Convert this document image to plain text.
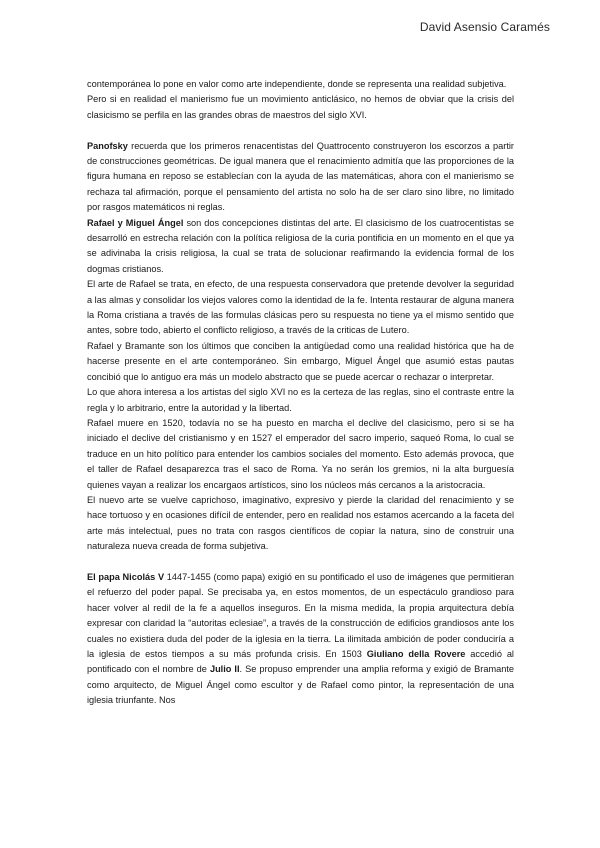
David Asensio Caramés

contemporánea lo pone en valor como arte independiente, donde se representa una realidad subjetiva.

Pero si en realidad el manierismo fue un movimiento anticlásico, no hemos de obviar que la crisis del clasicismo se perfila en las grandes obras de maestros del siglo XVI.

Panofsky recuerda que los primeros renacentistas del Quattrocento construyeron los escorzos a partir de construcciones geométricas. De igual manera que el renacimiento admitía que las proporciones de la figura humana en reposo se establecían con la ayuda de las matemáticas, ahora con el manierismo se rechaza tal afirmación, porque el pensamiento del artista no solo ha de ser claro sino libre, no limitado por rasgos matemáticos ni reglas.

Rafael y Miguel Ángel son dos concepciones distintas del arte. El clasicismo de los cuatrocentistas se desarrolló en estrecha relación con la política religiosa de la curia pontificia en un momento en el que ya se adivinaba la crisis religiosa, la cual se trata de solucionar reafirmando la evidencia formal de los dogmas cristianos.

El arte de Rafael se trata, en efecto, de una respuesta conservadora que pretende devolver la seguridad a las almas y consolidar los viejos valores como la identidad de la fe. Intenta restaurar de alguna manera la Roma cristiana a través de las formulas clásicas pero su respuesta no tiene ya el mismo sentido que antes, sobre todo, abierto el conflicto religioso, a través de la criticas de Lutero.

Rafael y Bramante son los últimos que conciben la antigüedad como una realidad histórica que ha de hacerse presente en el arte contemporáneo. Sin embargo, Miguel Ángel que asumió estas pautas concibió que lo antiguo era más un modelo abstracto que se puede acercar o rechazar o interpretar.

Lo que ahora interesa a los artistas del siglo XVI no es la certeza de las reglas, sino el contraste entre la regla y lo arbitrario, entre la autoridad y la libertad.

Rafael muere en 1520, todavía no se ha puesto en marcha el declive del clasicismo, pero si se ha iniciado el declive del cristianismo y en 1527 el emperador del sacro imperio, saqueó Roma, lo cual se traduce en un hito político para entender los cambios sociales del momento. Esto además provoca, que el taller de Rafael desaparezca tras el saco de Roma. Ya no serán los gremios, ni la alta burguesía quienes vayan a realizar los encargaos artísticos, sino los núcleos más cercanos a la aristocracia.

El nuevo arte se vuelve caprichoso, imaginativo, expresivo y pierde la claridad del renacimiento y se hace tortuoso y en ocasiones difícil de entender, pero en realidad nos estamos acercando a la faceta del arte más intelectual, pues no trata con rasgos científicos de copiar la natura, sino de construir una naturaleza nueva creada de forma subjetiva.

El papa Nicolás V 1447-1455 (como papa) exigió en su pontificado el uso de imágenes que permitieran el refuerzo del poder papal. Se precisaba ya, en estos momentos, de un espectáculo grandioso para hacer volver al redil de la fe a aquellos inseguros. En la misma medida, la propia arquitectura debía expresar con claridad la “autoritas eclesiae”, a través de la construcción de edificios grandiosos ante los cuales no existiera duda del poder de la iglesia en la tierra. La ilimitada ambición de poder conduciría a la iglesia de estos tiempos a su más profunda crisis. En 1503 Giuliano della Rovere accedió al pontificado con el nombre de Julio II. Se propuso emprender una amplia reforma y exigió de Bramante como arquitecto, de Miguel Ángel como escultor y de Rafael como pintor, la representación de una iglesia triunfante. Nos
